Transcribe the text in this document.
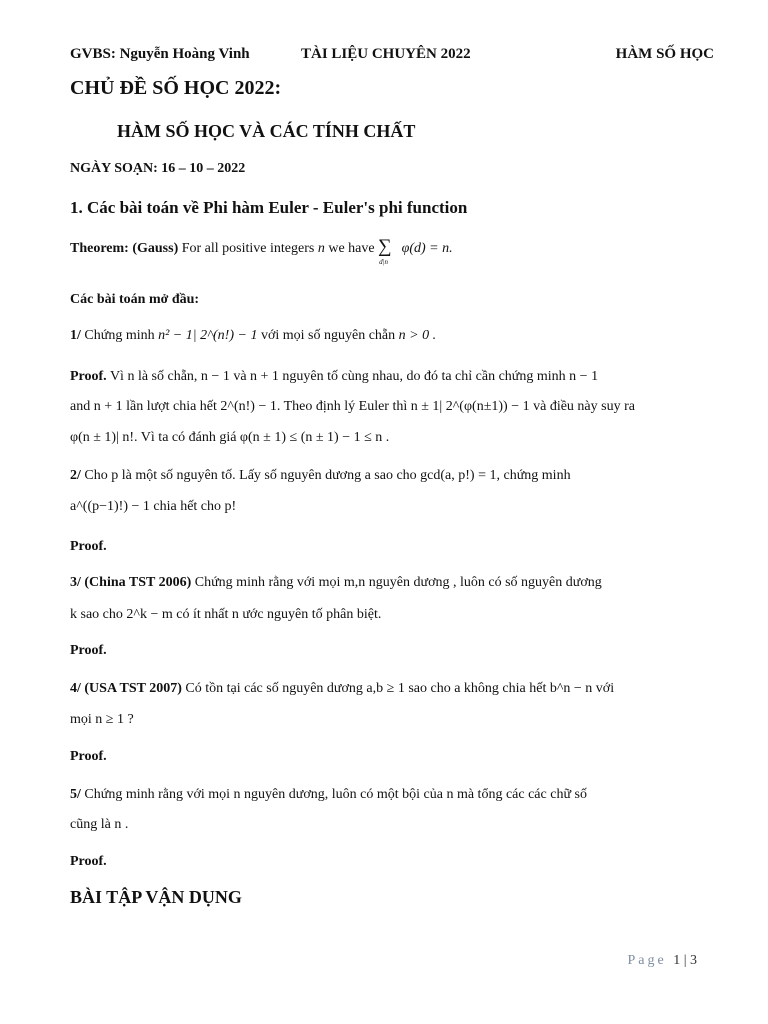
GVBS: Nguyễn Hoàng Vinh	TÀI LIỆU CHUYÊN 2022	HÀM SỐ HỌC
CHỦ ĐỀ SỐ HỌC 2022:
HÀM SỐ HỌC VÀ CÁC TÍNH CHẤT
NGÀY SOẠN: 16 – 10 – 2022
1. Các bài toán về Phi hàm Euler - Euler's phi function
Theorem: (Gauss) For all positive integers n we have ∑
d|n
φ(d) = n.
Các bài toán mở đầu:
1/ Chứng minh n² − 1| 2^(n!) − 1 với mọi số nguyên chẵn n > 0 .
Proof. Vì n là số chẵn, n − 1 và n + 1 nguyên tố cùng nhau, do đó ta chỉ cần chứng minh n − 1
and n + 1 lần lượt chia hết 2^(n!) − 1. Theo định lý Euler thì n ± 1| 2^(φ(n±1)) − 1 và điều này suy ra
φ(n ± 1)| n!. Vì ta có đánh giá φ(n ± 1) ≤ (n ± 1) − 1 ≤ n .
2/ Cho p là một số nguyên tố. Lấy số nguyên dương a sao cho gcd(a, p!) = 1, chứng minh
a^((p−1)!) − 1 chia hết cho p!
Proof.
3/ (China TST 2006) Chứng minh rằng với mọi m,n nguyên dương , luôn có số nguyên dương
k sao cho 2^k − m có ít nhất n ước nguyên tố phân biệt.
Proof.
4/ (USA TST 2007) Có tồn tại các số nguyên dương a,b ≥ 1 sao cho a không chia hết b^n − n với
mọi n ≥ 1 ?
Proof.
5/ Chứng minh rằng với mọi n nguyên dương, luôn có một bội của n mà tổng các các chữ số
cũng là n .
Proof.
BÀI TẬP VẬN DỤNG
Page 1 | 3
